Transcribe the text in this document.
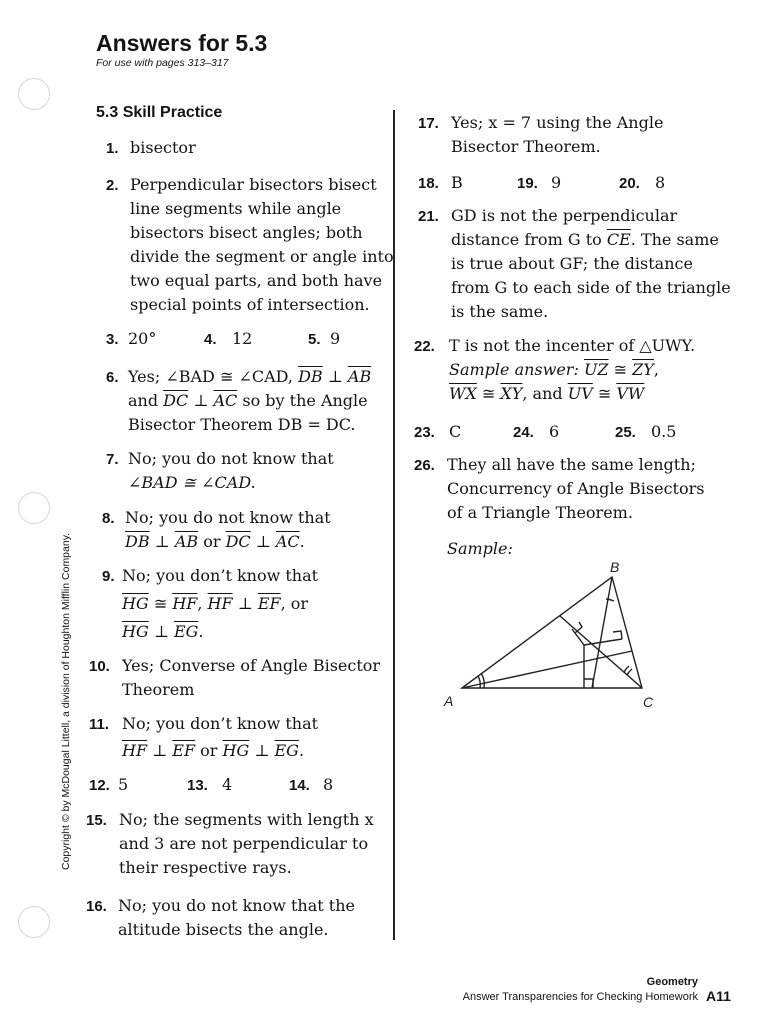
Copyright © by McDougal Littell, a division of Houghton Mifflin Company.
Answers for 5.3
For use with pages 313–317
5.3 Skill Practice
1. bisector
2. Perpendicular bisectors bisect
line segments while angle
bisectors bisect angles; both
divide the segment or angle into
two equal parts, and both have
special points of intersection.
3. 20°	4. 12	5. 9
6. Yes; ∠BAD ≅ ∠CAD, $\overline{DB}$ ⊥ $\overline{AB}$
and $\overline{DC}$ ⊥ $\overline{AC}$ so by the Angle
Bisector Theorem DB = DC.
7. No; you do not know that
∠BAD ≅ ∠CAD.
8. No; you do not know that
$\overline{DB}$ ⊥ $\overline{AB}$ or $\overline{DC}$ ⊥ $\overline{AC}$.
9. No; you don’t know that
$\overline{HG}$ ≅ $\overline{HF}$, $\overline{HF}$ ⊥ $\overline{EF}$, or
$\overline{HG}$ ⊥ $\overline{EG}$.
10. Yes; Converse of Angle Bisector
Theorem
11. No; you don’t know that
$\overline{HF}$ ⊥ $\overline{EF}$ or $\overline{HG}$ ⊥ $\overline{EG}$.
12. 5	13. 4	14. 8
15. No; the segments with length x
and 3 are not perpendicular to
their respective rays.
16. No; you do not know that the
altitude bisects the angle.
17. Yes; x = 7 using the Angle
Bisector Theorem.
18. B	19. 9	20. 8
21. GD is not the perpendicular
distance from G to $\overline{CE}$. The same
is true about GF; the distance
from G to each side of the triangle
is the same.
22. T is not the incenter of △UWY.
Sample answer: $\overline{UZ}$ ≅ $\overline{ZY}$,
$\overline{WX}$ ≅ $\overline{XY}$, and $\overline{UV}$ ≅ $\overline{VW}$
23. C	24. 6	25. 0.5
26. They all have the same length;
Concurrency of Angle Bisectors
of a Triangle Theorem.
Sample:
B
A	C
Geometry
Answer Transparencies for Checking Homework A11
